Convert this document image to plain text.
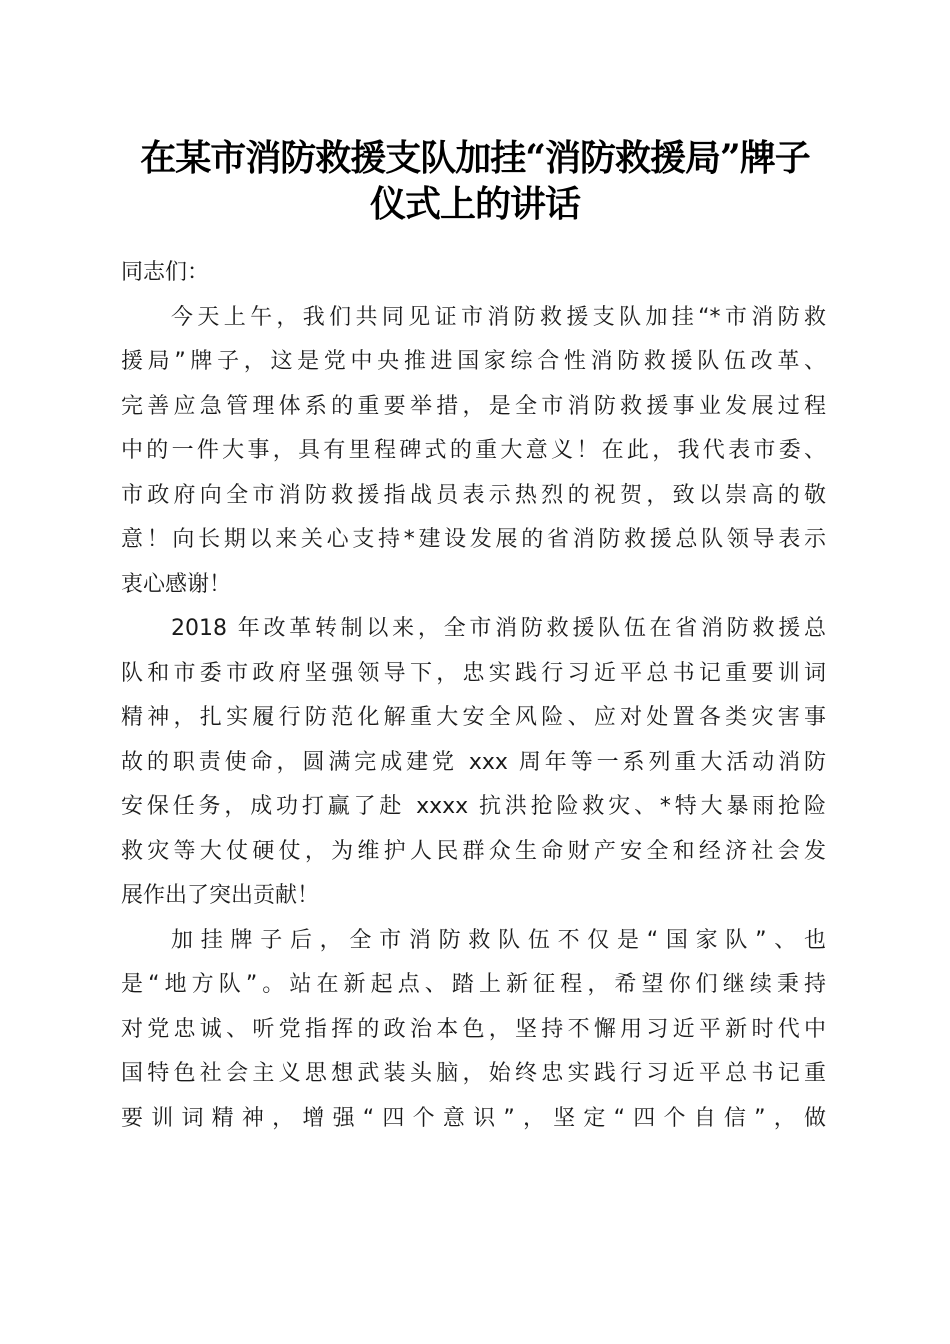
在某市消防救援支队加挂“消防救援局”牌子
仪式上的讲话
同志们：
今天上午，我们共同见证市消防救援支队加挂“*市消防救
援局”牌子，这是党中央推进国家综合性消防救援队伍改革、
完善应急管理体系的重要举措，是全市消防救援事业发展过程
中的一件大事，具有里程碑式的重大意义！在此，我代表市委、
市政府向全市消防救援指战员表示热烈的祝贺，致以崇高的敬
意！向长期以来关心支持*建设发展的省消防救援总队领导表示
衷心感谢！
2018 年改革转制以来，全市消防救援队伍在省消防救援总
队和市委市政府坚强领导下，忠实践行习近平总书记重要训词
精神，扎实履行防范化解重大安全风险、应对处置各类灾害事
故的职责使命，圆满完成建党 xxx 周年等一系列重大活动消防
安保任务，成功打赢了赴 xxxx 抗洪抢险救灾、*特大暴雨抢险
救灾等大仗硬仗，为维护人民群众生命财产安全和经济社会发
展作出了突出贡献！
加挂牌子后，全市消防救队伍不仅是“国家队”、也
是“地方队”。站在新起点、踏上新征程，希望你们继续秉持
对党忠诚、听党指挥的政治本色，坚持不懈用习近平新时代中
国特色社会主义思想武装头脑，始终忠实践行习近平总书记重
要训词精神，增强“四个意识”，坚定“四个自信”，做
